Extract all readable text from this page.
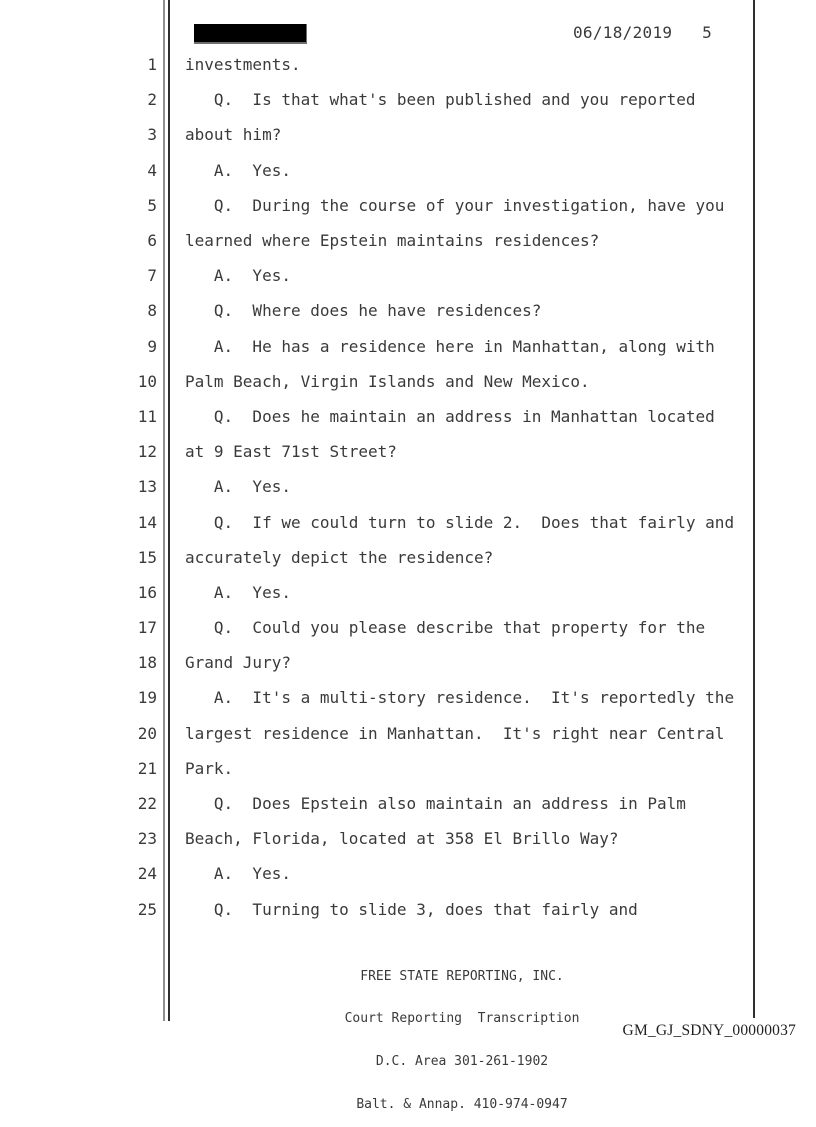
06/18/2019   5
1 investments.
2 Q.  Is that what's been published and you reported
3 about him?
4 A.  Yes.
5 Q.  During the course of your investigation, have you
6 learned where Epstein maintains residences?
7 A.  Yes.
8 Q.  Where does he have residences?
9 A.  He has a residence here in Manhattan, along with
10 Palm Beach, Virgin Islands and New Mexico.
11 Q.  Does he maintain an address in Manhattan located
12 at 9 East 71st Street?
13 A.  Yes.
14 Q.  If we could turn to slide 2.  Does that fairly and
15 accurately depict the residence?
16 A.  Yes.
17 Q.  Could you please describe that property for the
18 Grand Jury?
19 A.  It's a multi-story residence.  It's reportedly the
20 largest residence in Manhattan.  It's right near Central
21 Park.
22 Q.  Does Epstein also maintain an address in Palm
23 Beach, Florida, located at 358 El Brillo Way?
24 A.  Yes.
25 Q.  Turning to slide 3, does that fairly and

FREE STATE REPORTING, INC.

Court Reporting  Transcription

D.C. Area 301-261-1902

Balt. & Annap. 410-974-0947

GM_GJ_SDNY_00000037
